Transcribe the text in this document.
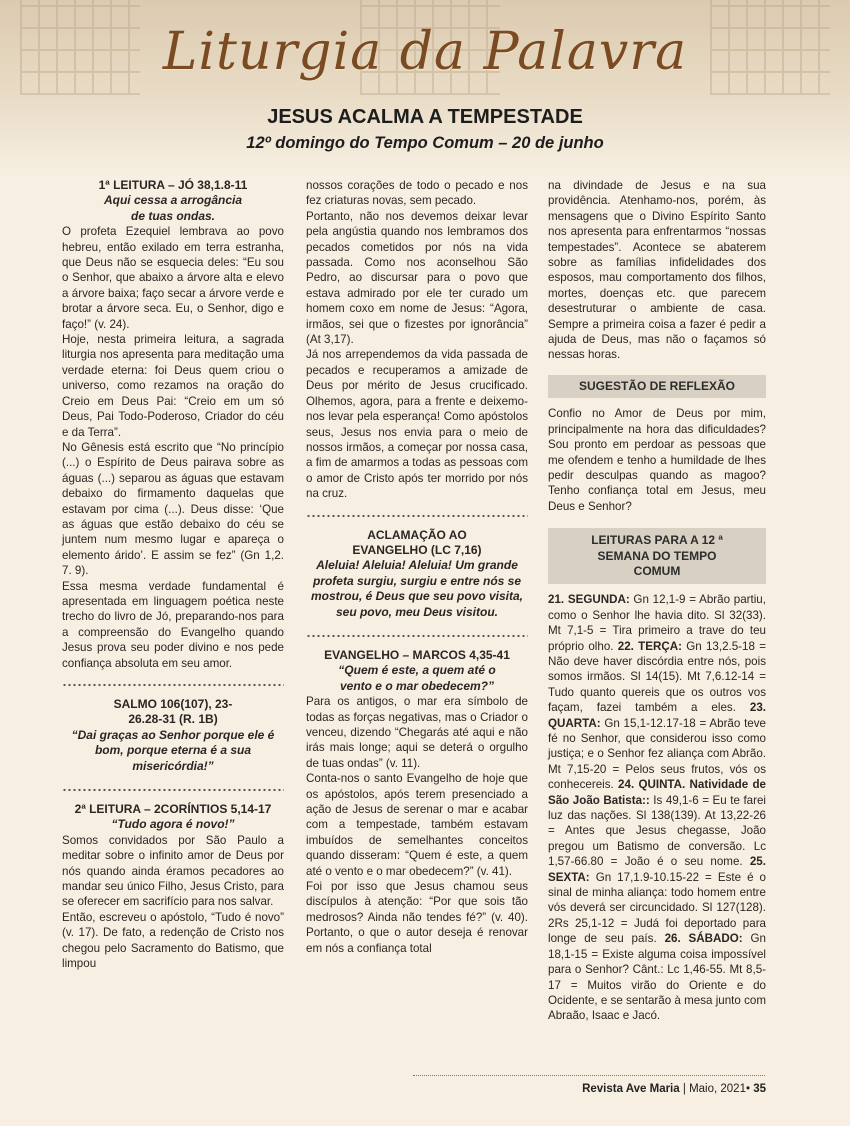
Liturgia da Palavra
JESUS ACALMA A TEMPESTADE
12º domingo do Tempo Comum – 20 de junho
1ª LEITURA – JÓ 38,1.8-11
Aqui cessa a arrogância de tuas ondas.

O profeta Ezequiel lembrava ao povo hebreu, então exilado em terra estranha, que Deus não se esquecia deles: “Eu sou o Senhor, que abaixo a árvore alta e elevo a árvore baixa; faço secar a árvore verde e brotar a árvore seca. Eu, o Senhor, digo e faço!” (v. 24).

Hoje, nesta primeira leitura, a sagrada liturgia nos apresenta para meditação uma verdade eterna: foi Deus quem criou o universo, como rezamos na oração do Creio em Deus Pai: “Creio em um só Deus, Pai Todo-Poderoso, Criador do céu e da Terra”.

No Gênesis está escrito que “No princípio (...) o Espírito de Deus pairava sobre as águas (...) separou as águas que estavam debaixo do firmamento daquelas que estavam por cima (...). Deus disse: ‘Que as águas que estão debaixo do céu se juntem num mesmo lugar e apareça o elemento árido’. E assim se fez” (Gn 1,2. 7. 9).

Essa mesma verdade fundamental é apresentada em linguagem poética neste trecho do livro de Jó, preparando-nos para a compreensão do Evangelho quando Jesus prova seu poder divino e nos pede confiança absoluta em seu amor.

SALMO 106(107), 23-26.28-31 (R. 1B)
“Dai graças ao Senhor porque ele é bom, porque eterna é a sua misericórdia!”
2ª LEITURA – 2CORÍNTIOS 5,14-17
“Tudo agora é novo!”

Somos convidados por São Paulo a meditar sobre o infinito amor de Deus por nós quando ainda éramos pecadores ao mandar seu único Filho, Jesus Cristo, para se oferecer em sacrifício para nos salvar.

Então, escreveu o apóstolo, “Tudo é novo” (v. 17). De fato, a redenção de Cristo nos chegou pelo Sacramento do Batismo, que limpou

nossos corações de todo o pecado e nos fez criaturas novas, sem pecado.

Portanto, não nos devemos deixar levar pela angústia quando nos lembramos dos pecados cometidos por nós na vida passada. Como nos aconselhou São Pedro, ao discursar para o povo que estava admirado por ele ter curado um homem coxo em nome de Jesus: “Agora, irmãos, sei que o fizestes por ignorância” (At 3,17).

Já nos arrependemos da vida passada de pecados e recuperamos a amizade de Deus por mérito de Jesus crucificado. Olhemos, agora, para a frente e deixemo-nos levar pela esperança! Como apóstolos seus, Jesus nos envia para o meio de nossos irmãos, a começar por nossa casa, a fim de amarmos a todas as pessoas com o amor de Cristo após ter morrido por nós na cruz.

ACLAMAÇÃO AO EVANGELHO (LC 7,16)
Aleluia! Aleluia! Aleluia! Um grande profeta surgiu, surgiu e entre nós se mostrou, é Deus que seu povo visita, seu povo, meu Deus visitou.
EVANGELHO – MARCOS 4,35-41
“Quem é este, a quem até o vento e o mar obedecem?”

Para os antigos, o mar era símbolo de todas as forças negativas, mas o Criador o venceu, dizendo “Chegarás até aqui e não irás mais longe; aqui se deterá o orgulho de tuas ondas” (v. 11).

Conta-nos o santo Evangelho de hoje que os apóstolos, após terem presenciado a ação de Jesus de serenar o mar e acabar com a tempestade, também estavam imbuídos de semelhantes conceitos quando disseram: “Quem é este, a quem até o vento e o mar obedecem?” (v. 41).

Foi por isso que Jesus chamou seus discípulos à atenção: “Por que sois tão medrosos? Ainda não tendes fé?” (v. 40). Portanto, o que o autor deseja é renovar em nós a confiança total

na divindade de Jesus e na sua providência. Atenhamo-nos, porém, às mensagens que o Divino Espírito Santo nos apresenta para enfrentarmos “nossas tempestades”. Acontece se abaterem sobre as famílias infidelidades dos esposos, mau comportamento dos filhos, mortes, doenças etc. que parecem desestruturar o ambiente de casa. Sempre a primeira coisa a fazer é pedir a ajuda de Deus, mas não o façamos só nessas horas.

SUGESTÃO DE REFLEXÃO

Confio no Amor de Deus por mim, principalmente na hora das dificuldades? Sou pronto em perdoar as pessoas que me ofendem e tenho a humildade de lhes pedir desculpas quando as magoo? Tenho confiança total em Jesus, meu Deus e Senhor?

LEITURAS PARA A 12 ª SEMANA DO TEMPO COMUM

21. SEGUNDA: Gn 12,1-9 = Abrão partiu, como o Senhor lhe havia dito. Sl 32(33). Mt 7,1-5 = Tira primeiro a trave do teu próprio olho. 22. TERÇA: Gn 13,2.5-18 = Não deve haver discórdia entre nós, pois somos irmãos. Sl 14(15). Mt 7,6.12-14 = Tudo quanto quereis que os outros vos façam, fazei também a eles. 23. QUARTA: Gn 15,1-12.17-18 = Abrão teve fé no Senhor, que considerou isso como justiça; e o Senhor fez aliança com Abrão. Mt 7,15-20 = Pelos seus frutos, vós os conhecereis. 24. QUINTA. Natividade de São João Batista:: Is 49,1-6 = Eu te farei luz das nações. Sl 138(139). At 13,22-26 = Antes que Jesus chegasse, João pregou um Batismo de conversão. Lc 1,57-66.80 = João é o seu nome. 25. SEXTA: Gn 17,1.9-10.15-22 = Este é o sinal de minha aliança: todo homem entre vós deverá ser circuncidado. Sl 127(128). 2Rs 25,1-12 = Judá foi deportado para longe de seu país. 26. SÁBADO: Gn 18,1-15 = Existe alguma coisa impossível para o Senhor? Cânt.: Lc 1,46-55. Mt 8,5-17 = Muitos virão do Oriente e do Ocidente, e se sentarão à mesa junto com Abraão, Isaac e Jacó.

Revista Ave Maria | Maio, 2021• 35
